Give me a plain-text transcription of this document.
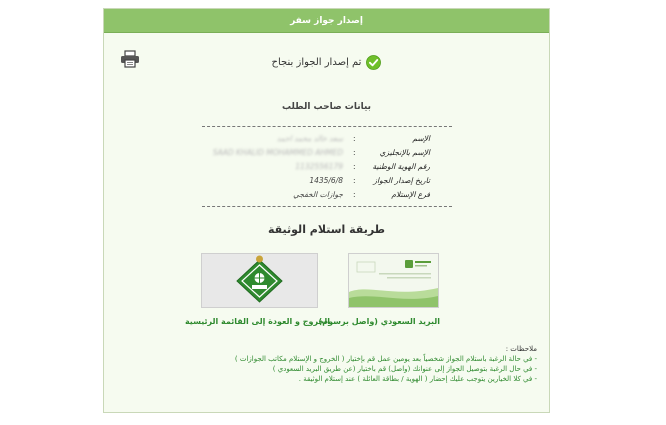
إصدار جواز سفر
تم إصدار الجواز بنجاح
بيانات صاحب الطلب
الإسم
:
سعد خالد محمد احمد
الإسم بالإنجليزي
:
SAAD KHALID MOHAMMED AHMED
رقم الهوية الوطنية
:
1132556179
تاريخ إصدار الجواز
:
1435/6/8
فرع الإستلام
:
جوازات الخفجي
طريقة استلام الوثيقة
البريد السعودي (واصل برسوم)
الخروج و العودة إلى القائمة الرئيسية
ملاحظات :
- في حالة الرغبة باستلام الجواز شخصياً بعد يومين عمل قم بإختيار ( الخروج و الإستلام مكاتب الجوازات )
- في حال الرغبة بتوصيل الجواز إلى عنوانك (واصل) قم باختيار (عن طريق البريد السعودي )
- في كلا الخيارين يتوجب عليك إحضار ( الهوية / بطاقة العائلة ) عند إستلام الوثيقة .
